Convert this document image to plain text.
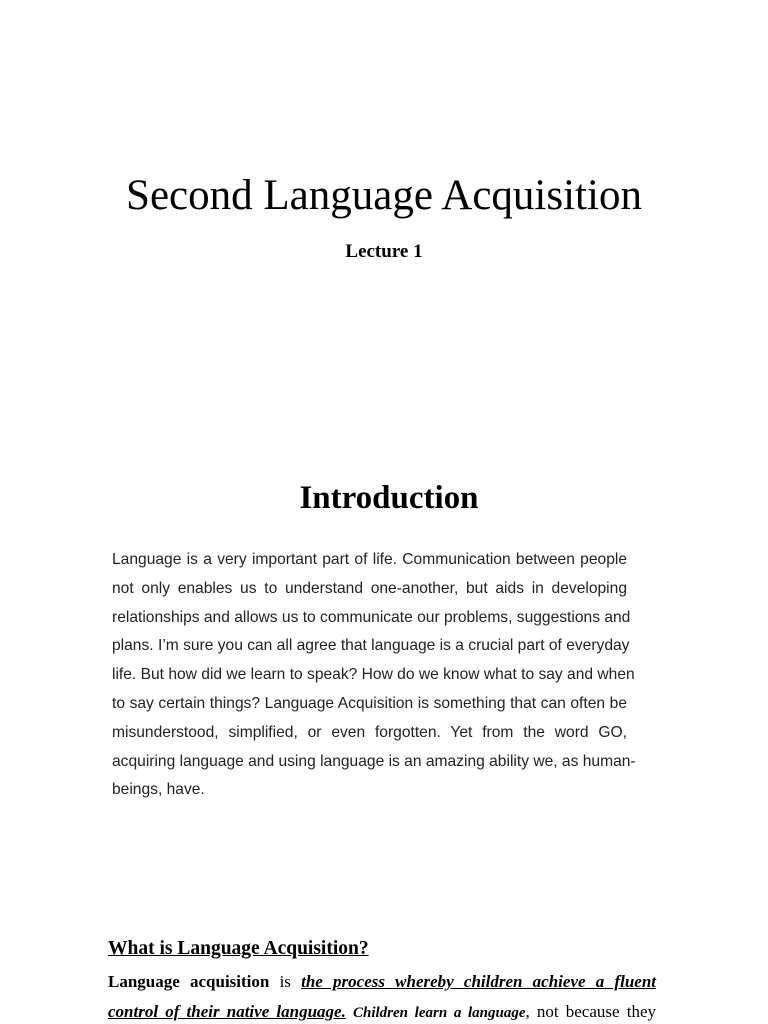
Second Language Acquisition
Lecture 1
Introduction
Language is a very important part of life. Communication between people
not only enables us to understand one-another, but aids in developing
relationships and allows us to communicate our problems, suggestions and
plans. I’m sure you can all agree that language is a crucial part of everyday
life. But how did we learn to speak? How do we know what to say and when
to say certain things? Language Acquisition is something that can often be
misunderstood, simplified, or even forgotten. Yet from the word GO,
acquiring language and using language is an amazing ability we, as human-
beings, have.
What is Language Acquisition?
Language acquisition is the process whereby children achieve a fluent
control of their native language. Children learn a language, not because they
